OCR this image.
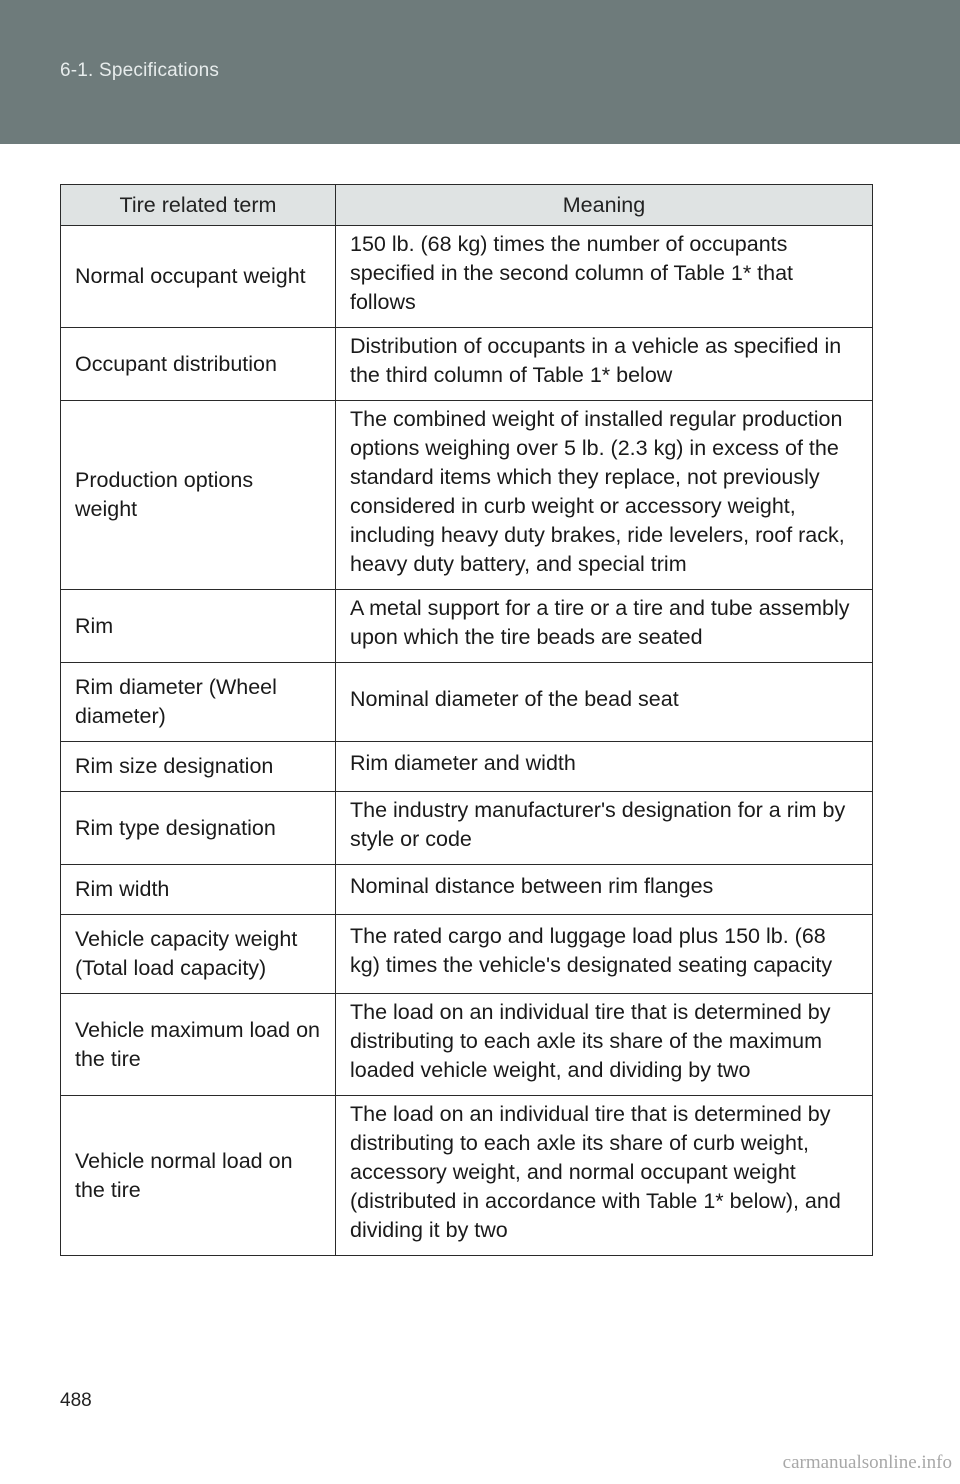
6-1. Specifications
Tire related term	Meaning
Normal occupant weight	150 lb. (68 kg) times the number of occupants specified in the second column of Table 1* that follows
Occupant distribution	Distribution of occupants in a vehicle as specified in the third column of Table 1* below
Production options weight	The combined weight of installed regular production options weighing over 5 lb. (2.3 kg) in excess of the standard items which they replace, not previously considered in curb weight or accessory weight, including heavy duty brakes, ride levelers, roof rack, heavy duty battery, and special trim
Rim	A metal support for a tire or a tire and tube assembly upon which the tire beads are seated
Rim diameter (Wheel diameter)	Nominal diameter of the bead seat
Rim size designation	Rim diameter and width
Rim type designation	The industry manufacturer's designation for a rim by style or code
Rim width	Nominal distance between rim flanges
Vehicle capacity weight (Total load capacity)	The rated cargo and luggage load plus 150 lb. (68 kg) times the vehicle's designated seating capacity
Vehicle maximum load on the tire	The load on an individual tire that is determined by distributing to each axle its share of the maximum loaded vehicle weight, and dividing by two
Vehicle normal load on the tire	The load on an individual tire that is determined by distributing to each axle its share of curb weight, accessory weight, and normal occupant weight (distributed in accordance with Table 1* below), and dividing it by two
488
carmanualsonline.info
